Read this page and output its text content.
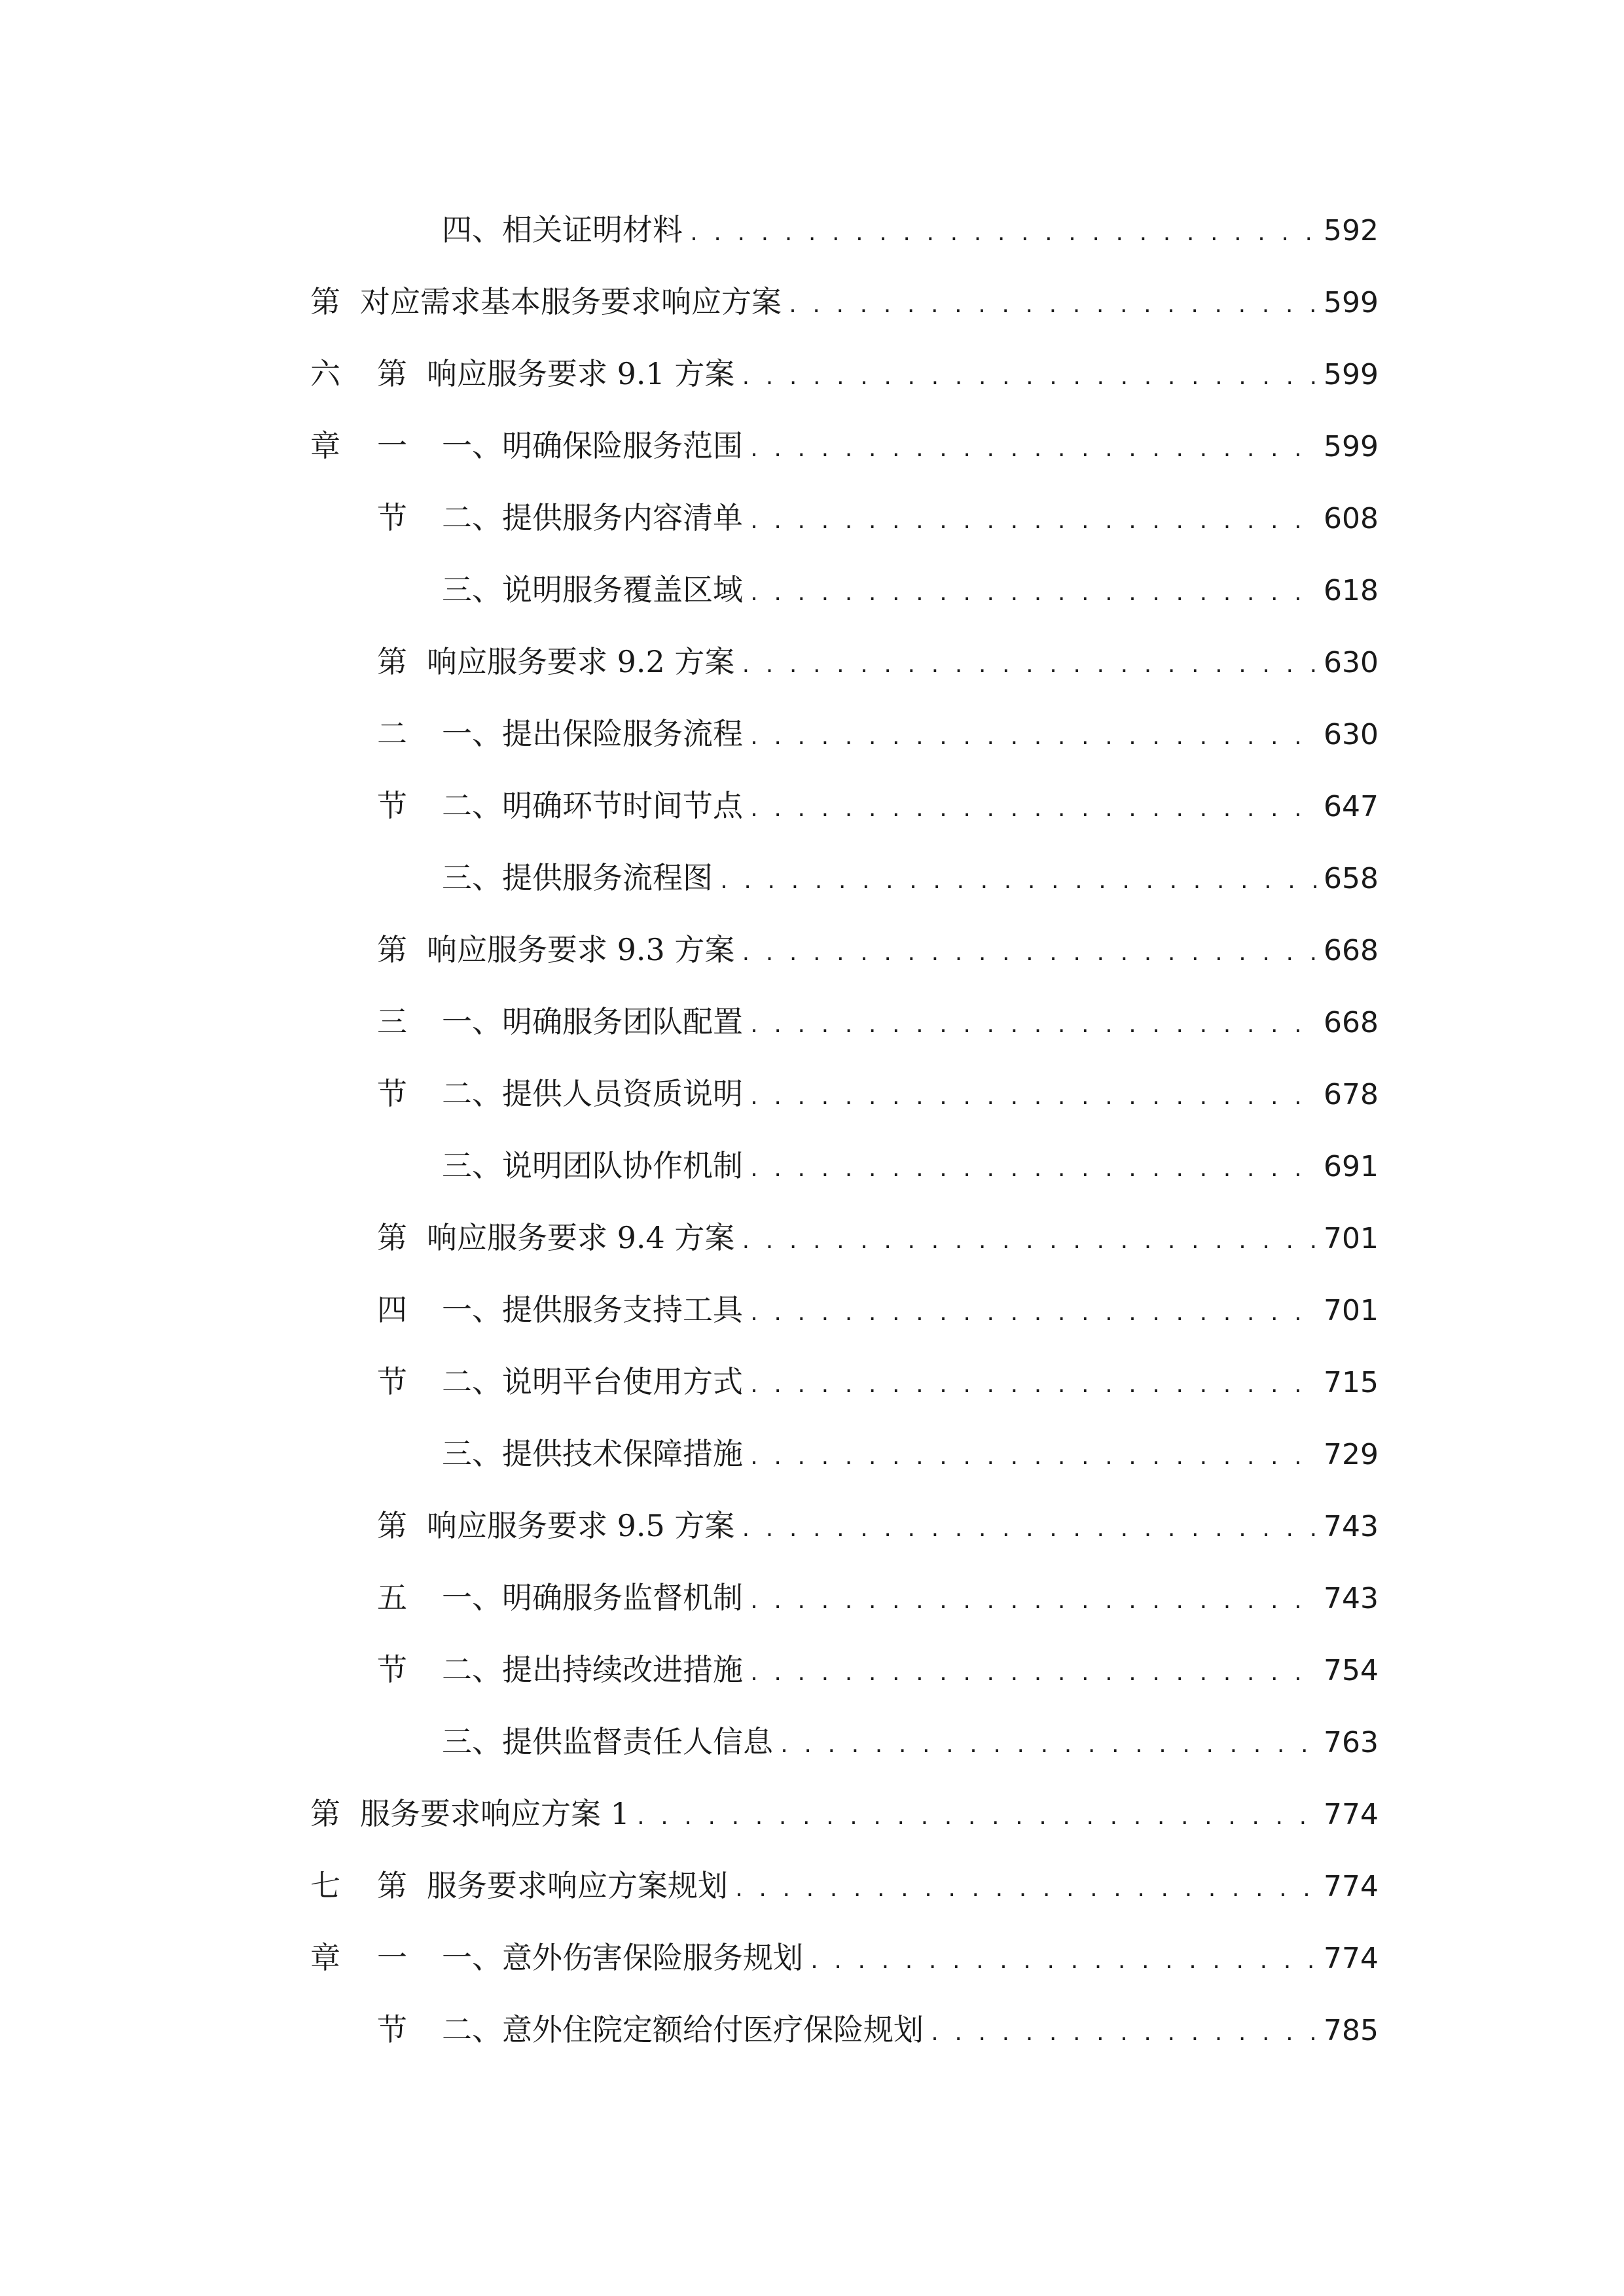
四、 相关证明材料 . . .	592
第六章
对应需求基本服务要求响应方案 . . .	599
第一节
响应服务要求 9.1 方案 . . .	599
一、 明确保险服务范围 . . .	599
二、 提供服务内容清单 . . .	608
三、 说明服务覆盖区域 . . .	618
第二节
响应服务要求 9.2 方案 . . .	630
一、 提出保险服务流程 . . .	630
二、 明确环节时间节点 . . .	647
三、 提供服务流程图 . . .	658
第三节
响应服务要求 9.3 方案 . . .	668
一、 明确服务团队配置 . . .	668
二、 提供人员资质说明 . . .	678
三、 说明团队协作机制 . . .	691
第四节
响应服务要求 9.4 方案 . . .	701
一、 提供服务支持工具 . . .	701
二、 说明平台使用方式 . . .	715
三、 提供技术保障措施 . . .	729
第五节
响应服务要求 9.5 方案 . . .	743
一、 明确服务监督机制 . . .	743
二、 提出持续改进措施 . . .	754
三、 提供监督责任人信息 . . .	763
第七章
服务要求响应方案 1 . . .	774
第一节
服务要求响应方案规划 . . .	774
一、 意外伤害保险服务规划 . . .	774
二、 意外住院定额给付医疗保险规划 . . .	785
